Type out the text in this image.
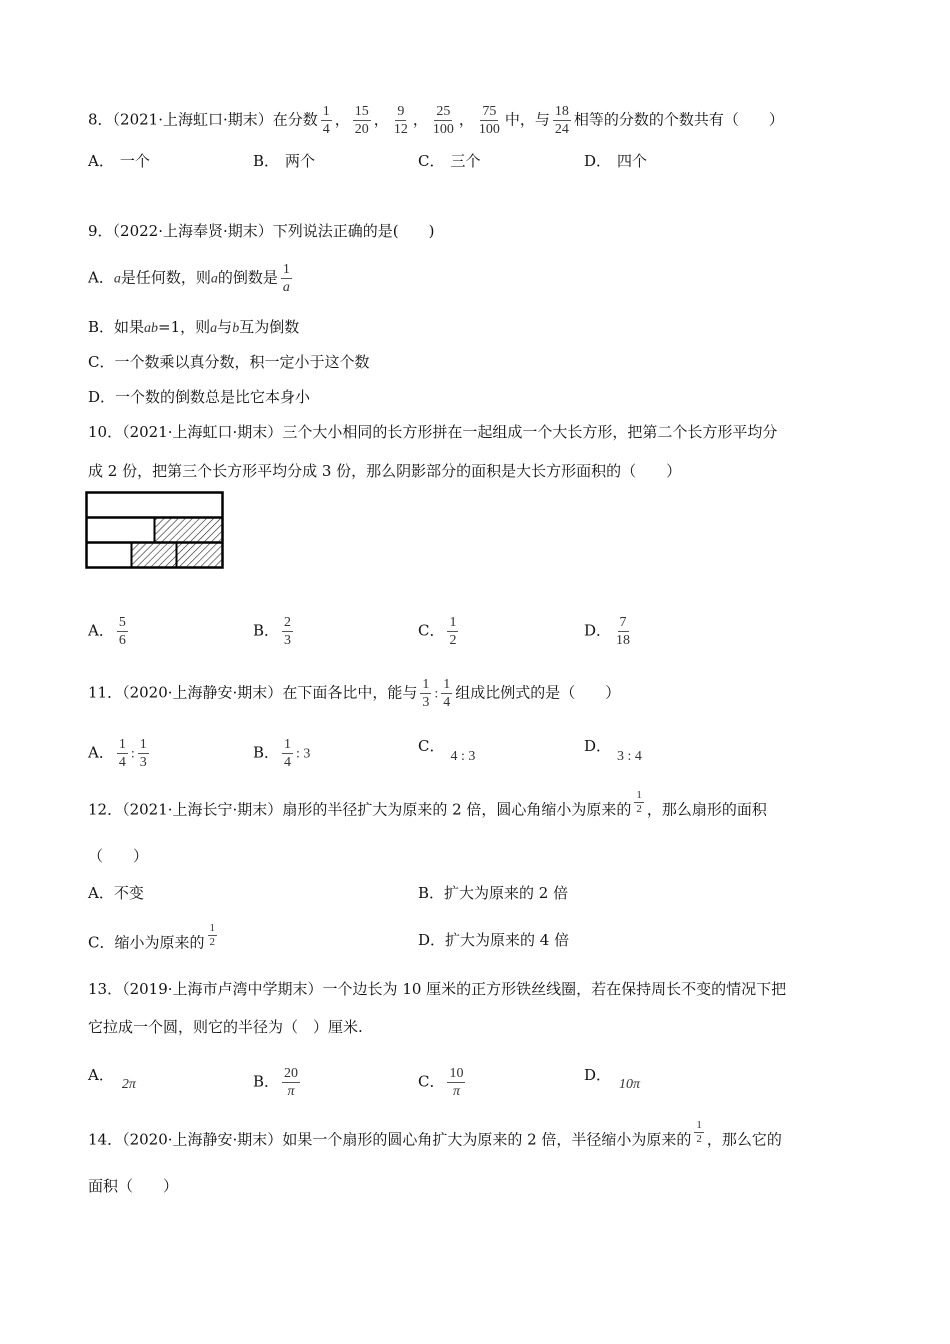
8．（2021·上海虹口·期末）在分数 $\frac{1}{4}$ ， $\frac{15}{20}$ ， $\frac{9}{12}$ ， $\frac{25}{100}$ ， $\frac{75}{100}$ 中，与 $\frac{18}{24}$ 相等的分数的个数共有（　　）
A． 一个	B． 两个	C． 三个	D． 四个
9．（2022·上海奉贤·期末）下列说法正确的是(　　)
A．a是任何数，则a的倒数是 $\frac{1}{a}$
B．如果ab=1，则a与b互为倒数
C．一个数乘以真分数，积一定小于这个数
D．一个数的倒数总是比它本身小
10．（2021·上海虹口·期末）三个大小相同的长方形拼在一起组成一个大长方形，把第二个长方形平均分
成 2 份，把第三个长方形平均分成 3 份，那么阴影部分的面积是大长方形面积的（　　）
A． $\frac{5}{6}$	B． $\frac{2}{3}$	C． $\frac{1}{2}$	D． $\frac{7}{18}$
11．（2020·上海静安·期末）在下面各比中，能与 $\frac{1}{3}$ : $\frac{1}{4}$ 组成比例式的是（　　）
A． $\frac{1}{4}$ : $\frac{1}{3}$	B． $\frac{1}{4}$ : 3	C．4 : 3
D．3 : 4
12．（2021·上海长宁·期末）扇形的半径扩大为原来的 2 倍，圆心角缩小为原来的 $\frac{1}{2}$ ，那么扇形的面积
（　　）
A．不变	B．扩大为原来的 2 倍
C．缩小为原来的 $\frac{1}{2}$	D．扩大为原来的 4 倍
13．（2019·上海市卢湾中学期末）一个边长为 10 厘米的正方形铁丝线圈，若在保持周长不变的情况下把
它拉成一个圆，则它的半径为（　）厘米.
A．2π	B． $\frac{20}{\pi}$	C． $\frac{10}{\pi}$	D．10π
14．（2020·上海静安·期末）如果一个扇形的圆心角扩大为原来的 2 倍，半径缩小为原来的 $\frac{1}{2}$ ，那么它的
面积（　　）
